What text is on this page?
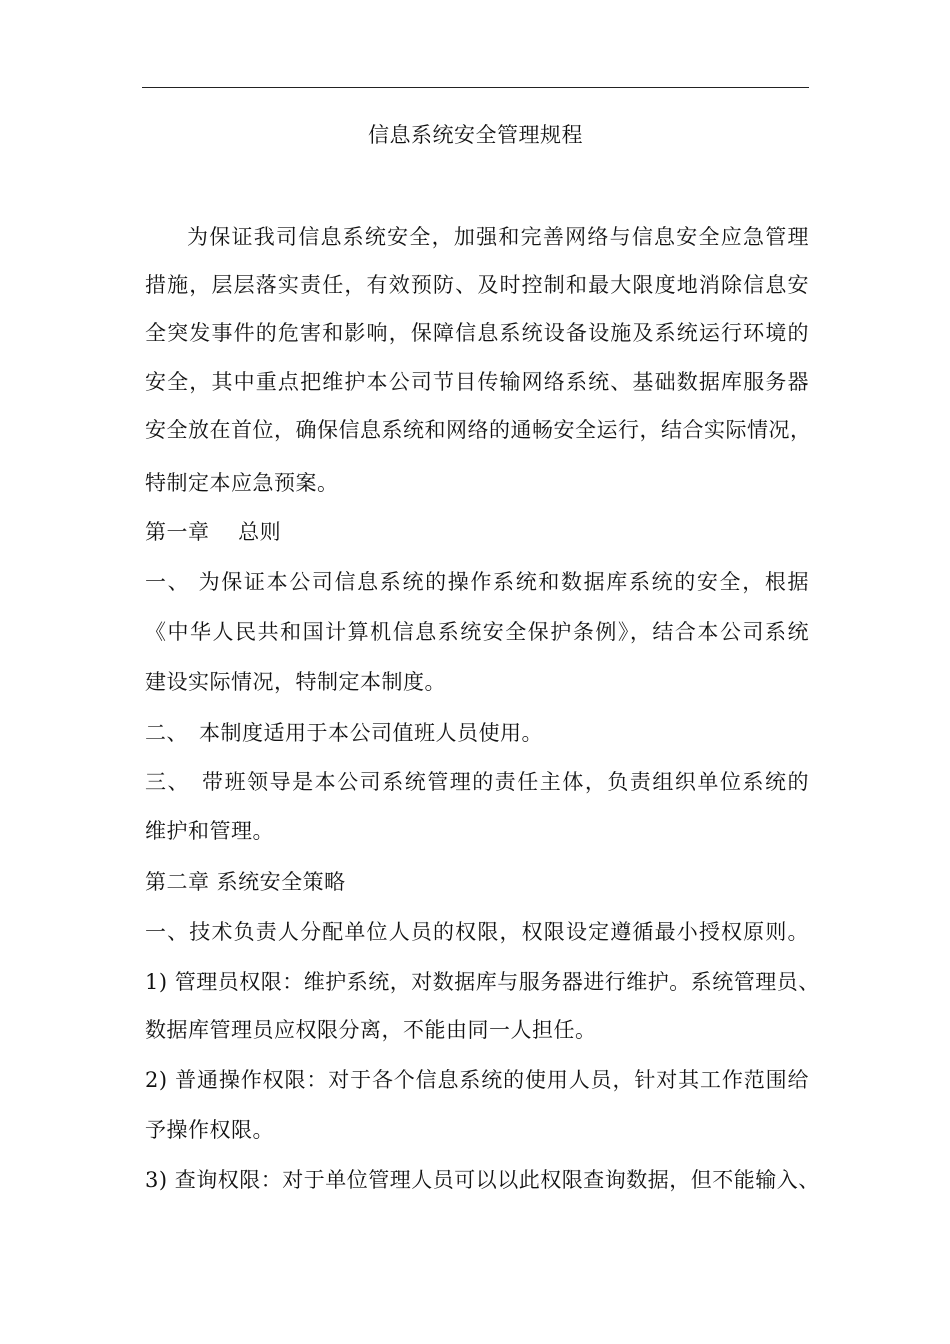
信息系统安全管理规程
为保证我司信息系统安全，加强和完善网络与信息安全应急管理
措施，层层落实责任，有效预防、及时控制和最大限度地消除信息安
全突发事件的危害和影响，保障信息系统设备设施及系统运行环境的
安全，其中重点把维护本公司节目传输网络系统、基础数据库服务器
安全放在首位，确保信息系统和网络的通畅安全运行，结合实际情况，
特制定本应急预案。
第一章　 总则
一、 为保证本公司信息系统的操作系统和数据库系统的安全，根据
《中华人民共和国计算机信息系统安全保护条例》，结合本公司系统
建设实际情况，特制定本制度。
二、　本制度适用于本公司值班人员使用。
三、　带班领导是本公司系统管理的责任主体，负责组织单位系统的
维护和管理。
第二章 系统安全策略
一、技术负责人分配单位人员的权限，权限设定遵循最小授权原则。
1) 管理员权限：维护系统，对数据库与服务器进行维护。系统管理员、
数据库管理员应权限分离，不能由同一人担任。
2) 普通操作权限：对于各个信息系统的使用人员，针对其工作范围给
予操作权限。
3) 查询权限：对于单位管理人员可以以此权限查询数据，但不能输入、
